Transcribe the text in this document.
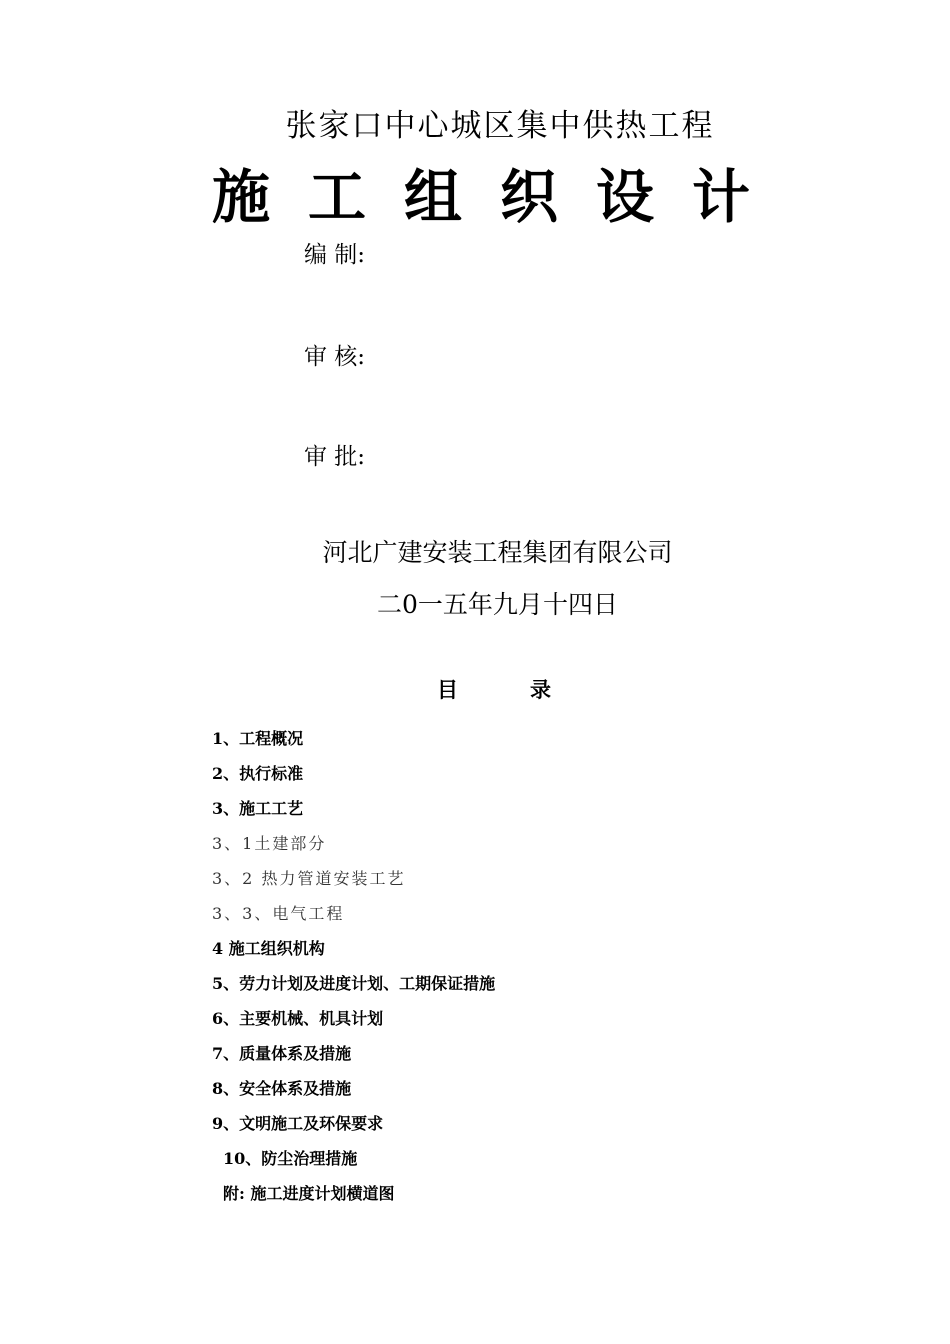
张家口中心城区集中供热工程
施工组织设计
编 制:
审 核:
审 批:
河北广建安装工程集团有限公司
二0一五年九月十四日
目录
1、工程概况
2、执行标准
3、施工工艺
3、1土建部分
3、2 热力管道安装工艺
3、3、电气工程
4 施工组织机构
5、劳力计划及进度计划、工期保证措施
6、主要机械、机具计划
7、质量体系及措施
8、安全体系及措施
9、文明施工及环保要求
10、防尘治理措施
附: 施工进度计划横道图
